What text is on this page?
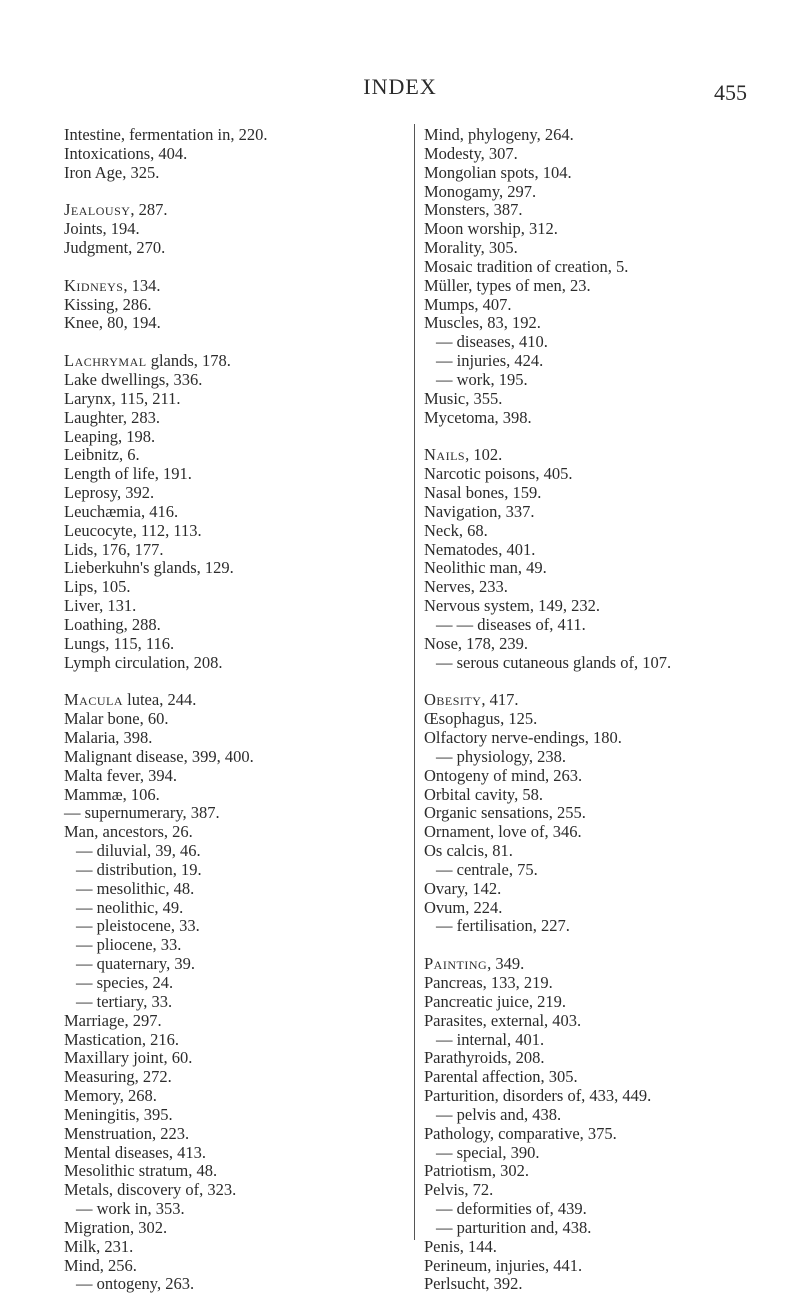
INDEX	455
Intestine, fermentation in, 220.
Intoxications, 404.
Iron Age, 325.
Jealousy, 287.
Joints, 194.
Judgment, 270.
Kidneys, 134.
Kissing, 286.
Knee, 80, 194.
Lachrymal glands, 178.
Lake dwellings, 336.
Larynx, 115, 211.
Laughter, 283.
Leaping, 198.
Leibnitz, 6.
Length of life, 191.
Leprosy, 392.
Leuchæmia, 416.
Leucocyte, 112, 113.
Lids, 176, 177.
Lieberkuhn's glands, 129.
Lips, 105.
Liver, 131.
Loathing, 288.
Lungs, 115, 116.
Lymph circulation, 208.
Macula lutea, 244.
Malar bone, 60.
Malaria, 398.
Malignant disease, 399, 400.
Malta fever, 394.
Mammæ, 106.
— supernumerary, 387.
Man, ancestors, 26.
— diluvial, 39, 46.
— distribution, 19.
— mesolithic, 48.
— neolithic, 49.
— pleistocene, 33.
— pliocene, 33.
— quaternary, 39.
— species, 24.
— tertiary, 33.
Marriage, 297.
Mastication, 216.
Maxillary joint, 60.
Measuring, 272.
Memory, 268.
Meningitis, 395.
Menstruation, 223.
Mental diseases, 413.
Mesolithic stratum, 48.
Metals, discovery of, 323.
— work in, 353.
Migration, 302.
Milk, 231.
Mind, 256.
— ontogeny, 263.
Mind, phylogeny, 264.
Modesty, 307.
Mongolian spots, 104.
Monogamy, 297.
Monsters, 387.
Moon worship, 312.
Morality, 305.
Mosaic tradition of creation, 5.
Müller, types of men, 23.
Mumps, 407.
Muscles, 83, 192.
— diseases, 410.
— injuries, 424.
— work, 195.
Music, 355.
Mycetoma, 398.
Nails, 102.
Narcotic poisons, 405.
Nasal bones, 159.
Navigation, 337.
Neck, 68.
Nematodes, 401.
Neolithic man, 49.
Nerves, 233.
Nervous system, 149, 232.
— — diseases of, 411.
Nose, 178, 239.
— serous cutaneous glands of, 107.
Obesity, 417.
Œsophagus, 125.
Olfactory nerve-endings, 180.
— physiology, 238.
Ontogeny of mind, 263.
Orbital cavity, 58.
Organic sensations, 255.
Ornament, love of, 346.
Os calcis, 81.
— centrale, 75.
Ovary, 142.
Ovum, 224.
— fertilisation, 227.
Painting, 349.
Pancreas, 133, 219.
Pancreatic juice, 219.
Parasites, external, 403.
— internal, 401.
Parathyroids, 208.
Parental affection, 305.
Parturition, disorders of, 433, 449.
— pelvis and, 438.
Pathology, comparative, 375.
— special, 390.
Patriotism, 302.
Pelvis, 72.
— deformities of, 439.
— parturition and, 438.
Penis, 144.
Perineum, injuries, 441.
Perlsucht, 392.
